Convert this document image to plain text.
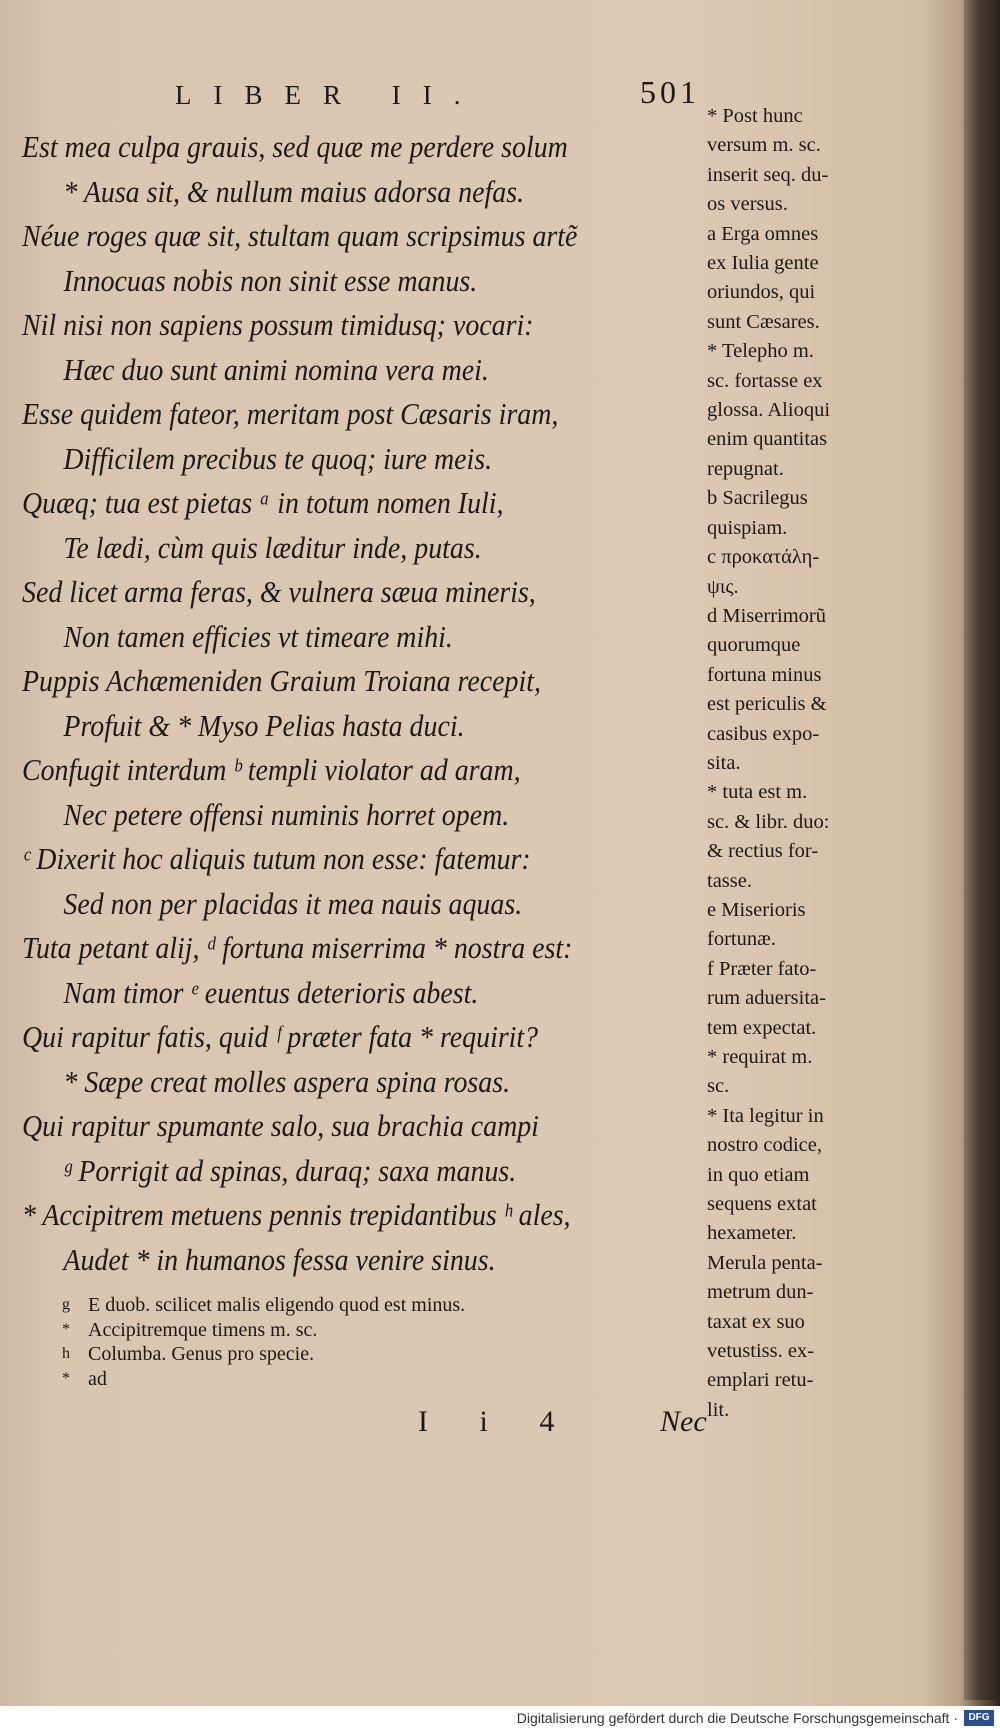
LIBER II.	501
Est mea culpa grauis, sed quæ me perdere solum
* Ausa sit, & nullum maius adorsa nefas.
Néue roges quæ sit, stultam quam scripsimus artẽ
Innocuas nobis non sinit esse manus.
Nil nisi non sapiens possum timidusq; vocari:
Hæc duo sunt animi nomina vera mei.
Esse quidem fateor, meritam post Cæsaris iram,
Difficilem precibus te quoq; iure meis.
Quæq; tua est pietas ᵃ in totum nomen Iuli,
Te lædi, cùm quis læditur inde, putas.
Sed licet arma feras, & vulnera sæua mineris,
Non tamen efficies vt timeare mihi.
Puppis Achæmeniden Graium Troiana recepit,
Profuit & * Myso Pelias hasta duci.
Confugit interdum ᵇ templi violator ad aram,
Nec petere offensi numinis horret opem.
ᶜ Dixerit hoc aliquis tutum non esse: fatemur:
Sed non per placidas it mea nauis aquas.
Tuta petant alij, ᵈ fortuna miserrima * nostra est:
Nam timor ᵉ euentus deterioris abest.
Qui rapitur fatis, quid ᶠ præter fata * requirit?
* Sæpe creat molles aspera spina rosas.
Qui rapitur spumante salo, sua brachia campi
ᵍ Porrigit ad spinas, duraq; saxa manus.
* Accipitrem metuens pennis trepidantibus ʰ ales,
Audet * in humanos fessa venire sinus.
g E duob. scilicet malis eligendo quod est minus.
* Accipitremque timens m. sc.
h Columba. Genus pro specie.
* ad
* Post hunc
versum m. sc.
inserit seq. du-
os versus.
a Erga omnes
ex Iulia gente
oriundos, qui
sunt Cæsares.
* Telepho m.
sc. fortasse ex
glossa. Alioqui
enim quantitas
repugnat.
b Sacrilegus
quispiam.
c προκατάλη-
ψις.
d Miserrimorũ
quorumque
fortuna minus
est periculis &
casibus expo-
sita.
* tuta est m.
sc. & libr. duo:
& rectius for-
tasse.
e Miserioris
fortunæ.
f Præter fato-
rum aduersita-
tem expectat.
* requirat m.
sc.
* Ita legitur in
nostro codice,
in quo etiam
sequens extat
hexameter.
Merula penta-
metrum dun-
taxat ex suo
vetustiss. ex-
emplari retu-
lit.
I i 4	Nec
Digitalisierung gefördert durch die Deutsche Forschungsgemeinschaft ·	DFG
